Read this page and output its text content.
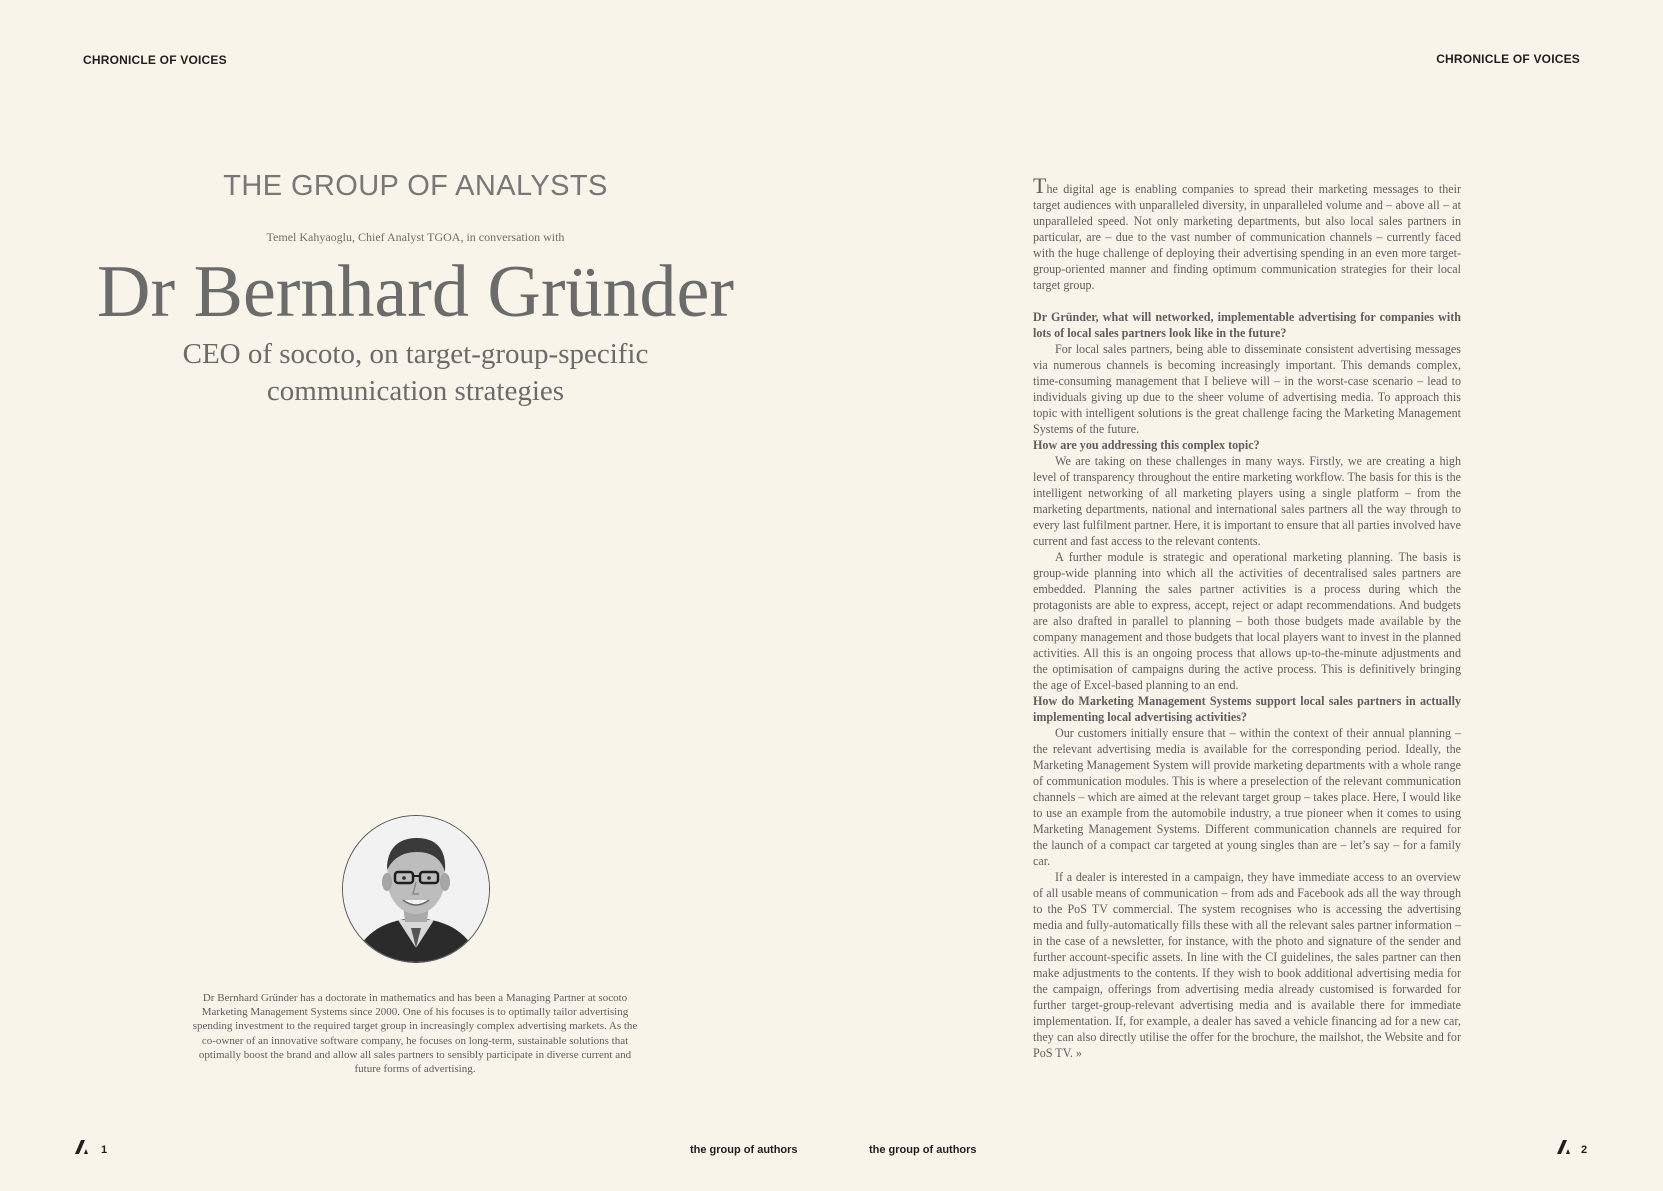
CHRONICLE OF VOICES
THE GROUP OF ANALYSTS
Temel Kahyaoglu, Chief Analyst TGOA, in conversation with
Dr Bernhard Gründer
CEO of socoto, on target-group-specific communication strategies
Dr Bernhard Gründer has a doctorate in mathematics and has been a Managing Partner at socoto Marketing Management Systems since 2000. One of his focuses is to optimally tailor advertising spending investment to the required target group in increasingly complex advertising markets. As the co-owner of an innovative software company, he focuses on long-term, sustainable solutions that optimally boost the brand and allow all sales partners to sensibly participate in diverse current and future forms of advertising.
1	the group of authors
CHRONICLE OF VOICES

The digital age is enabling companies to spread their marketing messages to their target audiences with unparalleled diversity, in unparalleled volume and – above all – at unparalleled speed. Not only marketing departments, but also local sales partners in particular, are – due to the vast number of communication channels – currently faced with the huge challenge of deploying their advertising spending in an even more target-group-oriented manner and finding optimum communication strategies for their local target group.

Dr Gründer, what will networked, implementable advertising for companies with lots of local sales partners look like in the future?

For local sales partners, being able to disseminate consistent advertising messages via numerous channels is becoming increasingly important. This demands complex, time-consuming management that I believe will – in the worst-case scenario – lead to individuals giving up due to the sheer volume of advertising media. To approach this topic with intelligent solutions is the great challenge facing the Marketing Management Systems of the future.

How are you addressing this complex topic?

We are taking on these challenges in many ways. Firstly, we are creating a high level of transparency throughout the entire marketing workflow. The basis for this is the intelligent networking of all marketing players using a single platform – from the marketing departments, national and international sales partners all the way through to every last fulfilment partner. Here, it is important to ensure that all parties involved have current and fast access to the relevant contents.

A further module is strategic and operational marketing planning. The basis is group-wide planning into which all the activities of decentralised sales partners are embedded. Planning the sales partner activities is a process during which the protagonists are able to express, accept, reject or adapt recommendations. And budgets are also drafted in parallel to planning – both those budgets made available by the company management and those budgets that local players want to invest in the planned activities. All this is an ongoing process that allows up-to-the-minute adjustments and the optimisation of campaigns during the active process. This is definitively bringing the age of Excel-based planning to an end.

How do Marketing Management Systems support local sales partners in actually implementing local advertising activities?

Our customers initially ensure that – within the context of their annual planning – the relevant advertising media is available for the corresponding period. Ideally, the Marketing Management System will provide marketing departments with a whole range of communication modules. This is where a preselection of the relevant communication channels – which are aimed at the relevant target group – takes place. Here, I would like to use an example from the automobile industry, a true pioneer when it comes to using Marketing Management Systems. Different communication channels are required for the launch of a compact car targeted at young singles than are – let’s say – for a family car.

If a dealer is interested in a campaign, they have immediate access to an overview of all usable means of communication – from ads and Facebook ads all the way through to the PoS TV commercial. The system recognises who is accessing the advertising media and fully-automatically fills these with all the relevant sales partner information – in the case of a newsletter, for instance, with the photo and signature of the sender and further account-specific assets. In line with the CI guidelines, the sales partner can then make adjustments to the contents. If they wish to book additional advertising media for the campaign, offerings from advertising media already customised is forwarded for further target-group-relevant advertising media and is available there for immediate implementation. If, for example, a dealer has saved a vehicle financing ad for a new car, they can also directly utilise the offer for the brochure, the mailshot, the Website and for PoS TV. »

the group of authors	2
